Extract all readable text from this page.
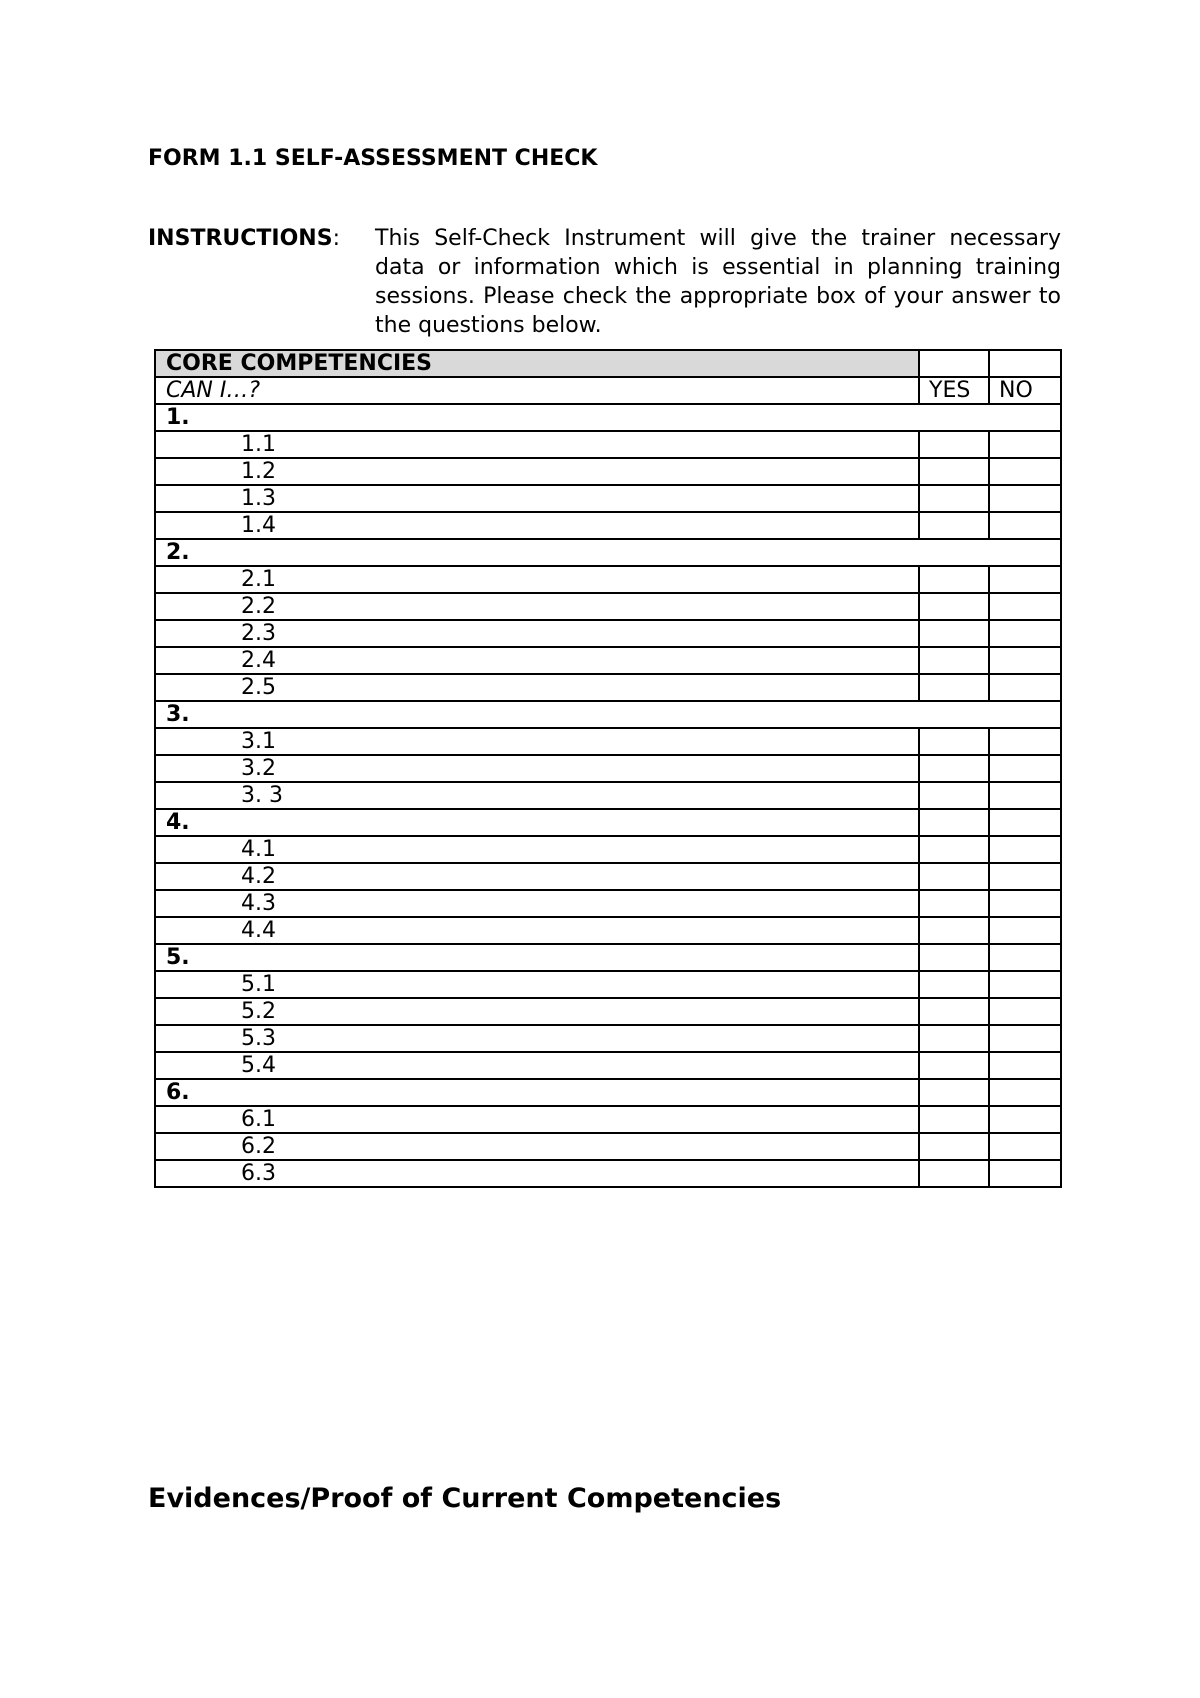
FORM 1.1 SELF-ASSESSMENT CHECK
INSTRUCTIONS: This Self-Check Instrument will give the trainer necessary data or information which is essential in planning training sessions. Please check the appropriate box of your answer to the questions below.

CORE COMPETENCIES		
CAN I…?	YES	NO
1.		
1.1		
1.2		
1.3		
1.4		
2.		
2.1		
2.2		
2.3		
2.4		
2.5		
3.		
3.1		
3.2		
3. 3		
4.		
4.1		
4.2		
4.3		
4.4		
5.		
5.1		
5.2		
5.3		
5.4		
6.		
6.1		
6.2		
6.3		
Evidences/Proof of Current Competencies
